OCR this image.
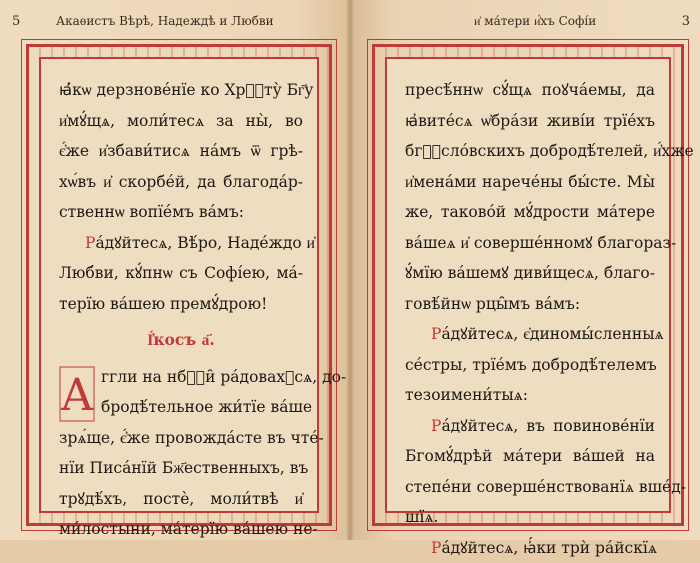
5	Акаѳистъ Вѣрѣ, Надеждѣ и Любви
ꙗ҆́кѡ дерзнове́нїе ко Хрⷭ҇ту̀ Бг҃у
и҆мꙋ́щѧ, моли́тесѧ за ны̀, во
є҆́же и҆збави́тисѧ на́мъ ѿ грѣ-
хѡ́въ и҆ скорбе́й, да благода́р-
ственнѡ вопїе́мъ ва́мъ:
Ра́дꙋйтесѧ, Вѣ́ро, Наде́ждо и҆
Люб́ви, кꙋ́пнѡ съ Софі́ею, ма́-
терїю ва́шею премꙋ́дрою!
І҆́косъ а҃.
А ггли на нбⷭ҇и̑ ра́довахꙋсѧ, до-
бродѣ́тельное жи́тїе ва́ше
зрѧ́ще, є҆́же провожда́сте въ чте́-
нїи Писа́нїй Бж҃ественныхъ, въ
трꙋдѣ́хъ, постѐ, моли́твѣ и҆
ми́лостыни, ма́терїю ва́шею не-
и҆ ма́тери и҆́хъ Софі́и	3
пресѣ́ннѡ сꙋ́щѧ поꙋча́емы, да
ꙗ҆вите́сѧ ѡ҆бра́зи живі́и трїе́хъ
бгⷪ҇сло́вскихъ добродѣ́телей, и҆́хже
и҆мена́ми нарече́ны бы́сте. Мы̀
же, таково́й мꙋ́дрости ма́тере
ва́шеѧ и҆ соверше́нномꙋ благораз-
ꙋ́мїю ва́шемꙋ диви́щесѧ, благо-
говѣ́йнѡ рцы̑мъ ва́мъ:
Ра́дꙋйтесѧ, є҆диномы́сленныѧ
се́стры, трїе́мъ добродѣ́телемъ
тезоимени́тыѧ:
Ра́дꙋйтесѧ, въ повинове́нїи
Бгомꙋ́дрѣй ма́тери ва́шей на
степе́ни соверше́нствованїѧ вше́д-
шїѧ.
Ра́дꙋйтесѧ, ꙗ҆́ки трѝ ра́йскїѧ
